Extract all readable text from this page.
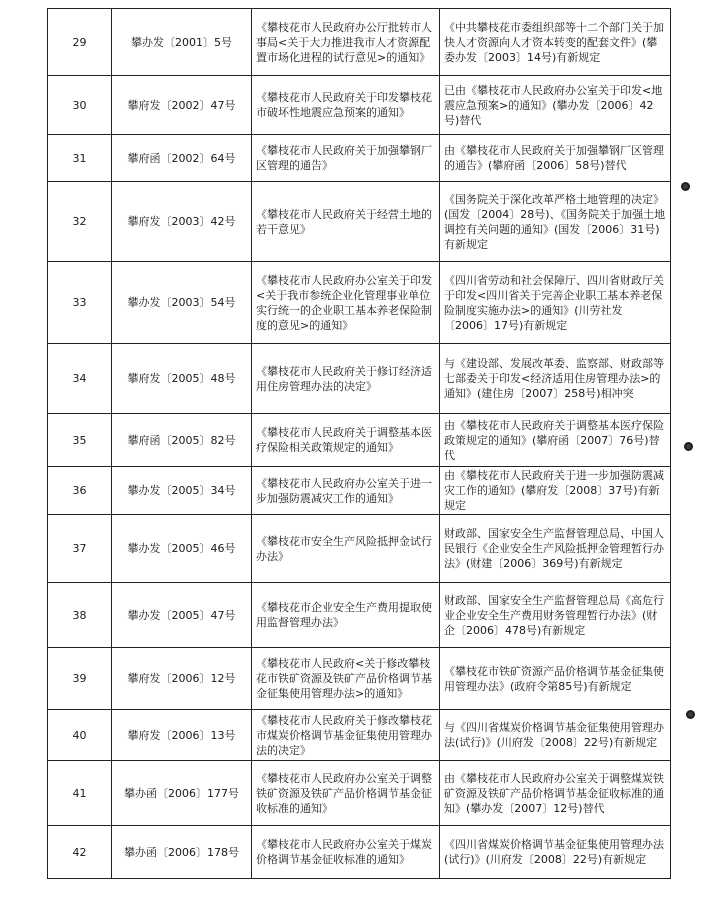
29	攀办发〔2001〕5号	《攀枝花市人民政府办公厅批转市人事局<关于大力推进我市人才资源配置市场化进程的试行意见>的通知》	《中共攀枝花市委组织部等十二个部门关于加快人才资源向人才资本转变的配套文件》(攀委办发〔2003〕14号)有新规定
30	攀府发〔2002〕47号	《攀枝花市人民政府关于印发攀枝花市破坏性地震应急预案的通知》	已由《攀枝花市人民政府办公室关于印发<地震应急预案>的通知》(攀办发〔2006〕42号)替代
31	攀府函〔2002〕64号	《攀枝花市人民政府关于加强攀钢厂区管理的通告》	由《攀枝花市人民政府关于加强攀钢厂区管理的通告》(攀府函〔2006〕58号)替代
32	攀府发〔2003〕42号	《攀枝花市人民政府关于经营土地的若干意见》	《国务院关于深化改革严格土地管理的决定》(国发〔2004〕28号)、《国务院关于加强土地调控有关问题的通知》(国发〔2006〕31号)有新规定
33	攀办发〔2003〕54号	《攀枝花市人民政府办公室关于印发<关于我市参统企业化管理事业单位实行统一的企业职工基本养老保险制度的意见>的通知》	《四川省劳动和社会保障厅、四川省财政厅关于印发<四川省关于完善企业职工基本养老保险制度实施办法>的通知》(川劳社发〔2006〕17号)有新规定
34	攀府发〔2005〕48号	《攀枝花市人民政府关于修订经济适用住房管理办法的决定》	与《建设部、发展改革委、监察部、财政部等七部委关于印发<经济适用住房管理办法>的通知》(建住房〔2007〕258号)相冲突
35	攀府函〔2005〕82号	《攀枝花市人民政府关于调整基本医疗保险相关政策规定的通知》	由《攀枝花市人民政府关于调整基本医疗保险政策规定的通知》(攀府函〔2007〕76号)替代
36	攀办发〔2005〕34号	《攀枝花市人民政府办公室关于进一步加强防震减灾工作的通知》	由《攀枝花市人民政府关于进一步加强防震减灾工作的通知》(攀府发〔2008〕37号)有新规定
37	攀办发〔2005〕46号	《攀枝花市安全生产风险抵押金试行办法》	财政部、国家安全生产监督管理总局、中国人民银行《企业安全生产风险抵押金管理暂行办法》(财建〔2006〕369号)有新规定
38	攀办发〔2005〕47号	《攀枝花市企业安全生产费用提取使用监督管理办法》	财政部、国家安全生产监督管理总局《高危行业企业安全生产费用财务管理暂行办法》(财企〔2006〕478号)有新规定
39	攀府发〔2006〕12号	《攀枝花市人民政府<关于修改攀枝花市铁矿资源及铁矿产品价格调节基金征集使用管理办法>的通知》	《攀枝花市铁矿资源产品价格调节基金征集使用管理办法》(政府令第85号)有新规定
40	攀府发〔2006〕13号	《攀枝花市人民政府关于修改攀枝花市煤炭价格调节基金征集使用管理办法的决定》	与《四川省煤炭价格调节基金征集使用管理办法(试行)》(川府发〔2008〕22号)有新规定
41	攀办函〔2006〕177号	《攀枝花市人民政府办公室关于调整铁矿资源及铁矿产品价格调节基金征收标准的通知》	由《攀枝花市人民政府办公室关于调整煤炭铁矿资源及铁矿产品价格调节基金征收标准的通知》(攀办发〔2007〕12号)替代
42	攀办函〔2006〕178号	《攀枝花市人民政府办公室关于煤炭价格调节基金征收标准的通知》	《四川省煤炭价格调节基金征集使用管理办法(试行)》(川府发〔2008〕22号)有新规定
